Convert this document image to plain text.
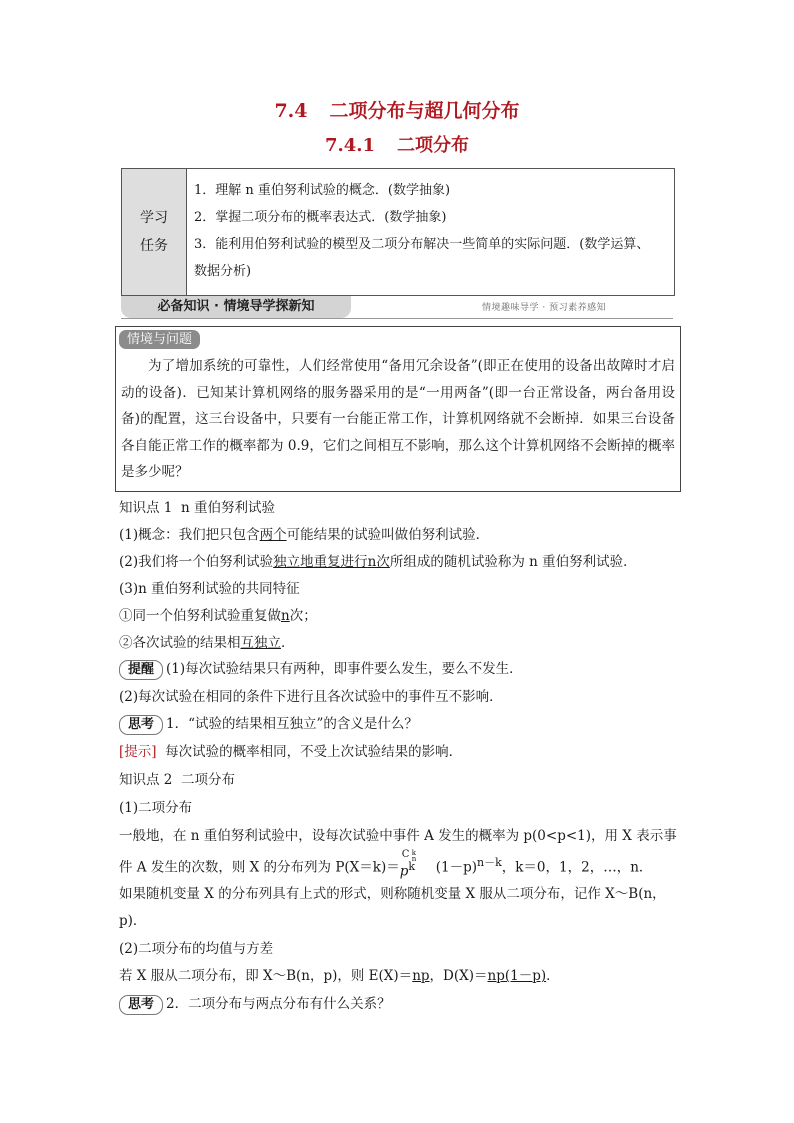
7.4 二项分布与超几何分布
7.4.1 二项分布
学习
任务
1．理解 n 重伯努利试验的概念．(数学抽象)
2．掌握二项分布的概率表达式．(数学抽象)
3．能利用伯努利试验的模型及二项分布解决一些简单的实际问题．(数学运算、
数据分析)
必备知识 · 情境导学探新知	情境趣味导学 · 预习素养感知
情境与问题
为了增加系统的可靠性，人们经常使用“备用冗余设备”(即正在使用的设备出故障时才启动的设备)．已知某计算机网络的服务器采用的是“一用两备”(即一台正常设备，两台备用设备)的配置，这三台设备中，只要有一台能正常工作，计算机网络就不会断掉．如果三台设备各自能正常工作的概率都为 0.9，它们之间相互不影响，那么这个计算机网络不会断掉的概率是多少呢？
知识点 1 n 重伯努利试验
(1)概念：我们把只包含两个可能结果的试验叫做伯努利试验．
(2)我们将一个伯努利试验独立地重复进行n次所组成的随机试验称为 n 重伯努利试验．
(3)n 重伯努利试验的共同特征
①同一个伯努利试验重复做n次；
②各次试验的结果相互独立．
提醒 (1)每次试验结果只有两种，即事件要么发生，要么不发生．
(2)每次试验在相同的条件下进行且各次试验中的事件互不影响．
思考 1．“试验的结果相互独立”的含义是什么？
[提示] 每次试验的概率相同，不受上次试验结果的影响．
知识点 2 二项分布
(1)二项分布
一般地，在 n 重伯努利试验中，设每次试验中事件 A 发生的概率为 p(0<p<1)，用 X 表示事
件 A 发生的次数，则 X 的分布列为 P(X＝k)＝
C k
n
$p^k$ $(1-p)^{n-k}$，k＝0，1，2，…，n．
如果随机变量 X 的分布列具有上式的形式，则称随机变量 X 服从二项分布，记作 X～B(n，
p)．
(2)二项分布的均值与方差
若 X 服从二项分布，即 X～B(n，p)，则 E(X)＝np，D(X)＝np(1－p)．
思考 2．二项分布与两点分布有什么关系？
